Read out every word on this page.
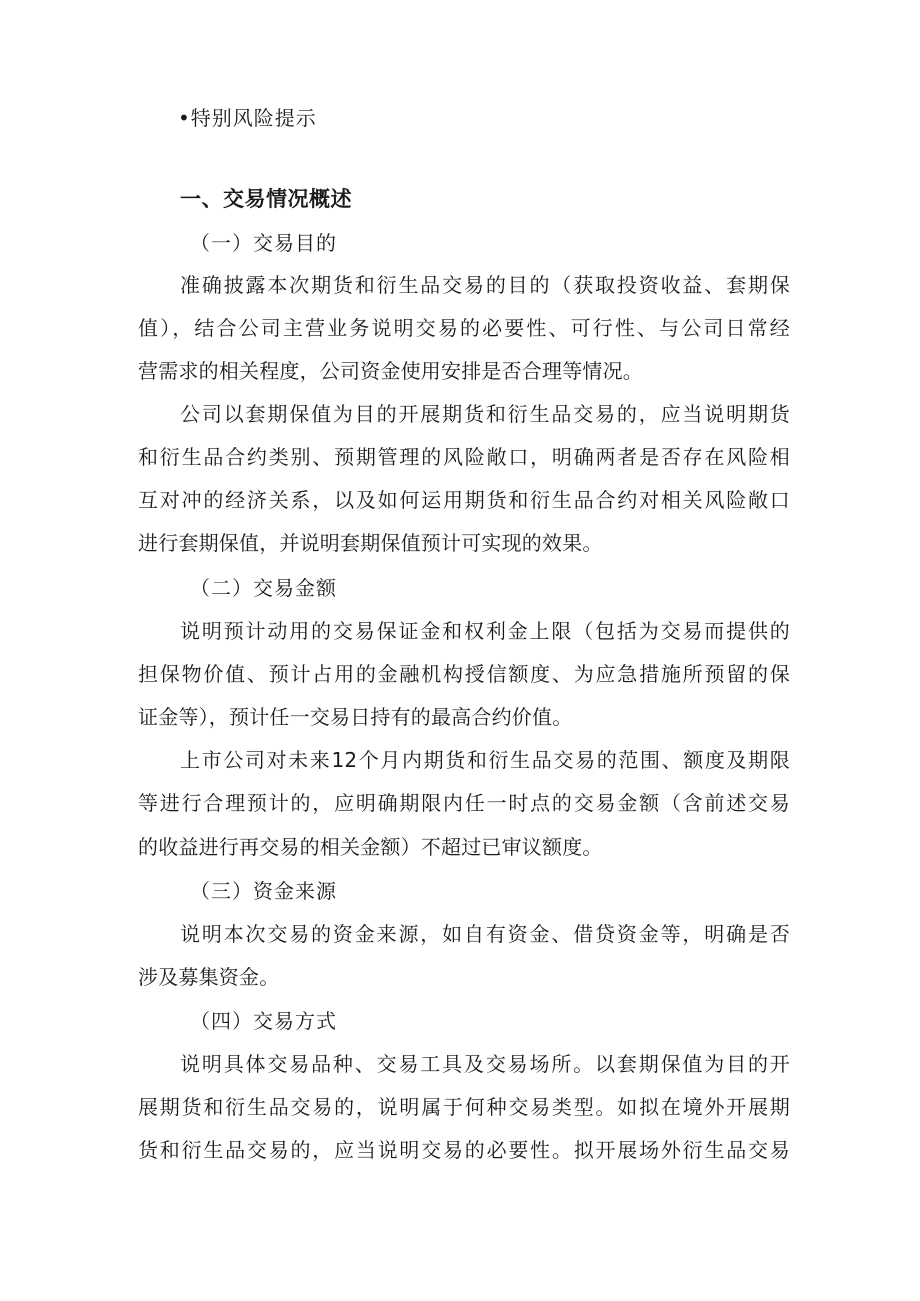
•特别风险提示
一、交易情况概述
（一）交易目的

准确披露本次期货和衍生品交易的目的（获取投资收益、套期保

值），结合公司主营业务说明交易的必要性、可行性、与公司日常经

营需求的相关程度，公司资金使用安排是否合理等情况。

公司以套期保值为目的开展期货和衍生品交易的，应当说明期货

和衍生品合约类别、预期管理的风险敞口，明确两者是否存在风险相

互对冲的经济关系，以及如何运用期货和衍生品合约对相关风险敞口

进行套期保值，并说明套期保值预计可实现的效果。

（二）交易金额

说明预计动用的交易保证金和权利金上限（包括为交易而提供的

担保物价值、预计占用的金融机构授信额度、为应急措施所预留的保

证金等），预计任一交易日持有的最高合约价值。

上市公司对未来12个月内期货和衍生品交易的范围、额度及期限

等进行合理预计的，应明确期限内任一时点的交易金额（含前述交易

的收益进行再交易的相关金额）不超过已审议额度。

（三）资金来源

说明本次交易的资金来源，如自有资金、借贷资金等，明确是否

涉及募集资金。

（四）交易方式

说明具体交易品种、交易工具及交易场所。以套期保值为目的开

展期货和衍生品交易的，说明属于何种交易类型。如拟在境外开展期

货和衍生品交易的，应当说明交易的必要性。拟开展场外衍生品交易
